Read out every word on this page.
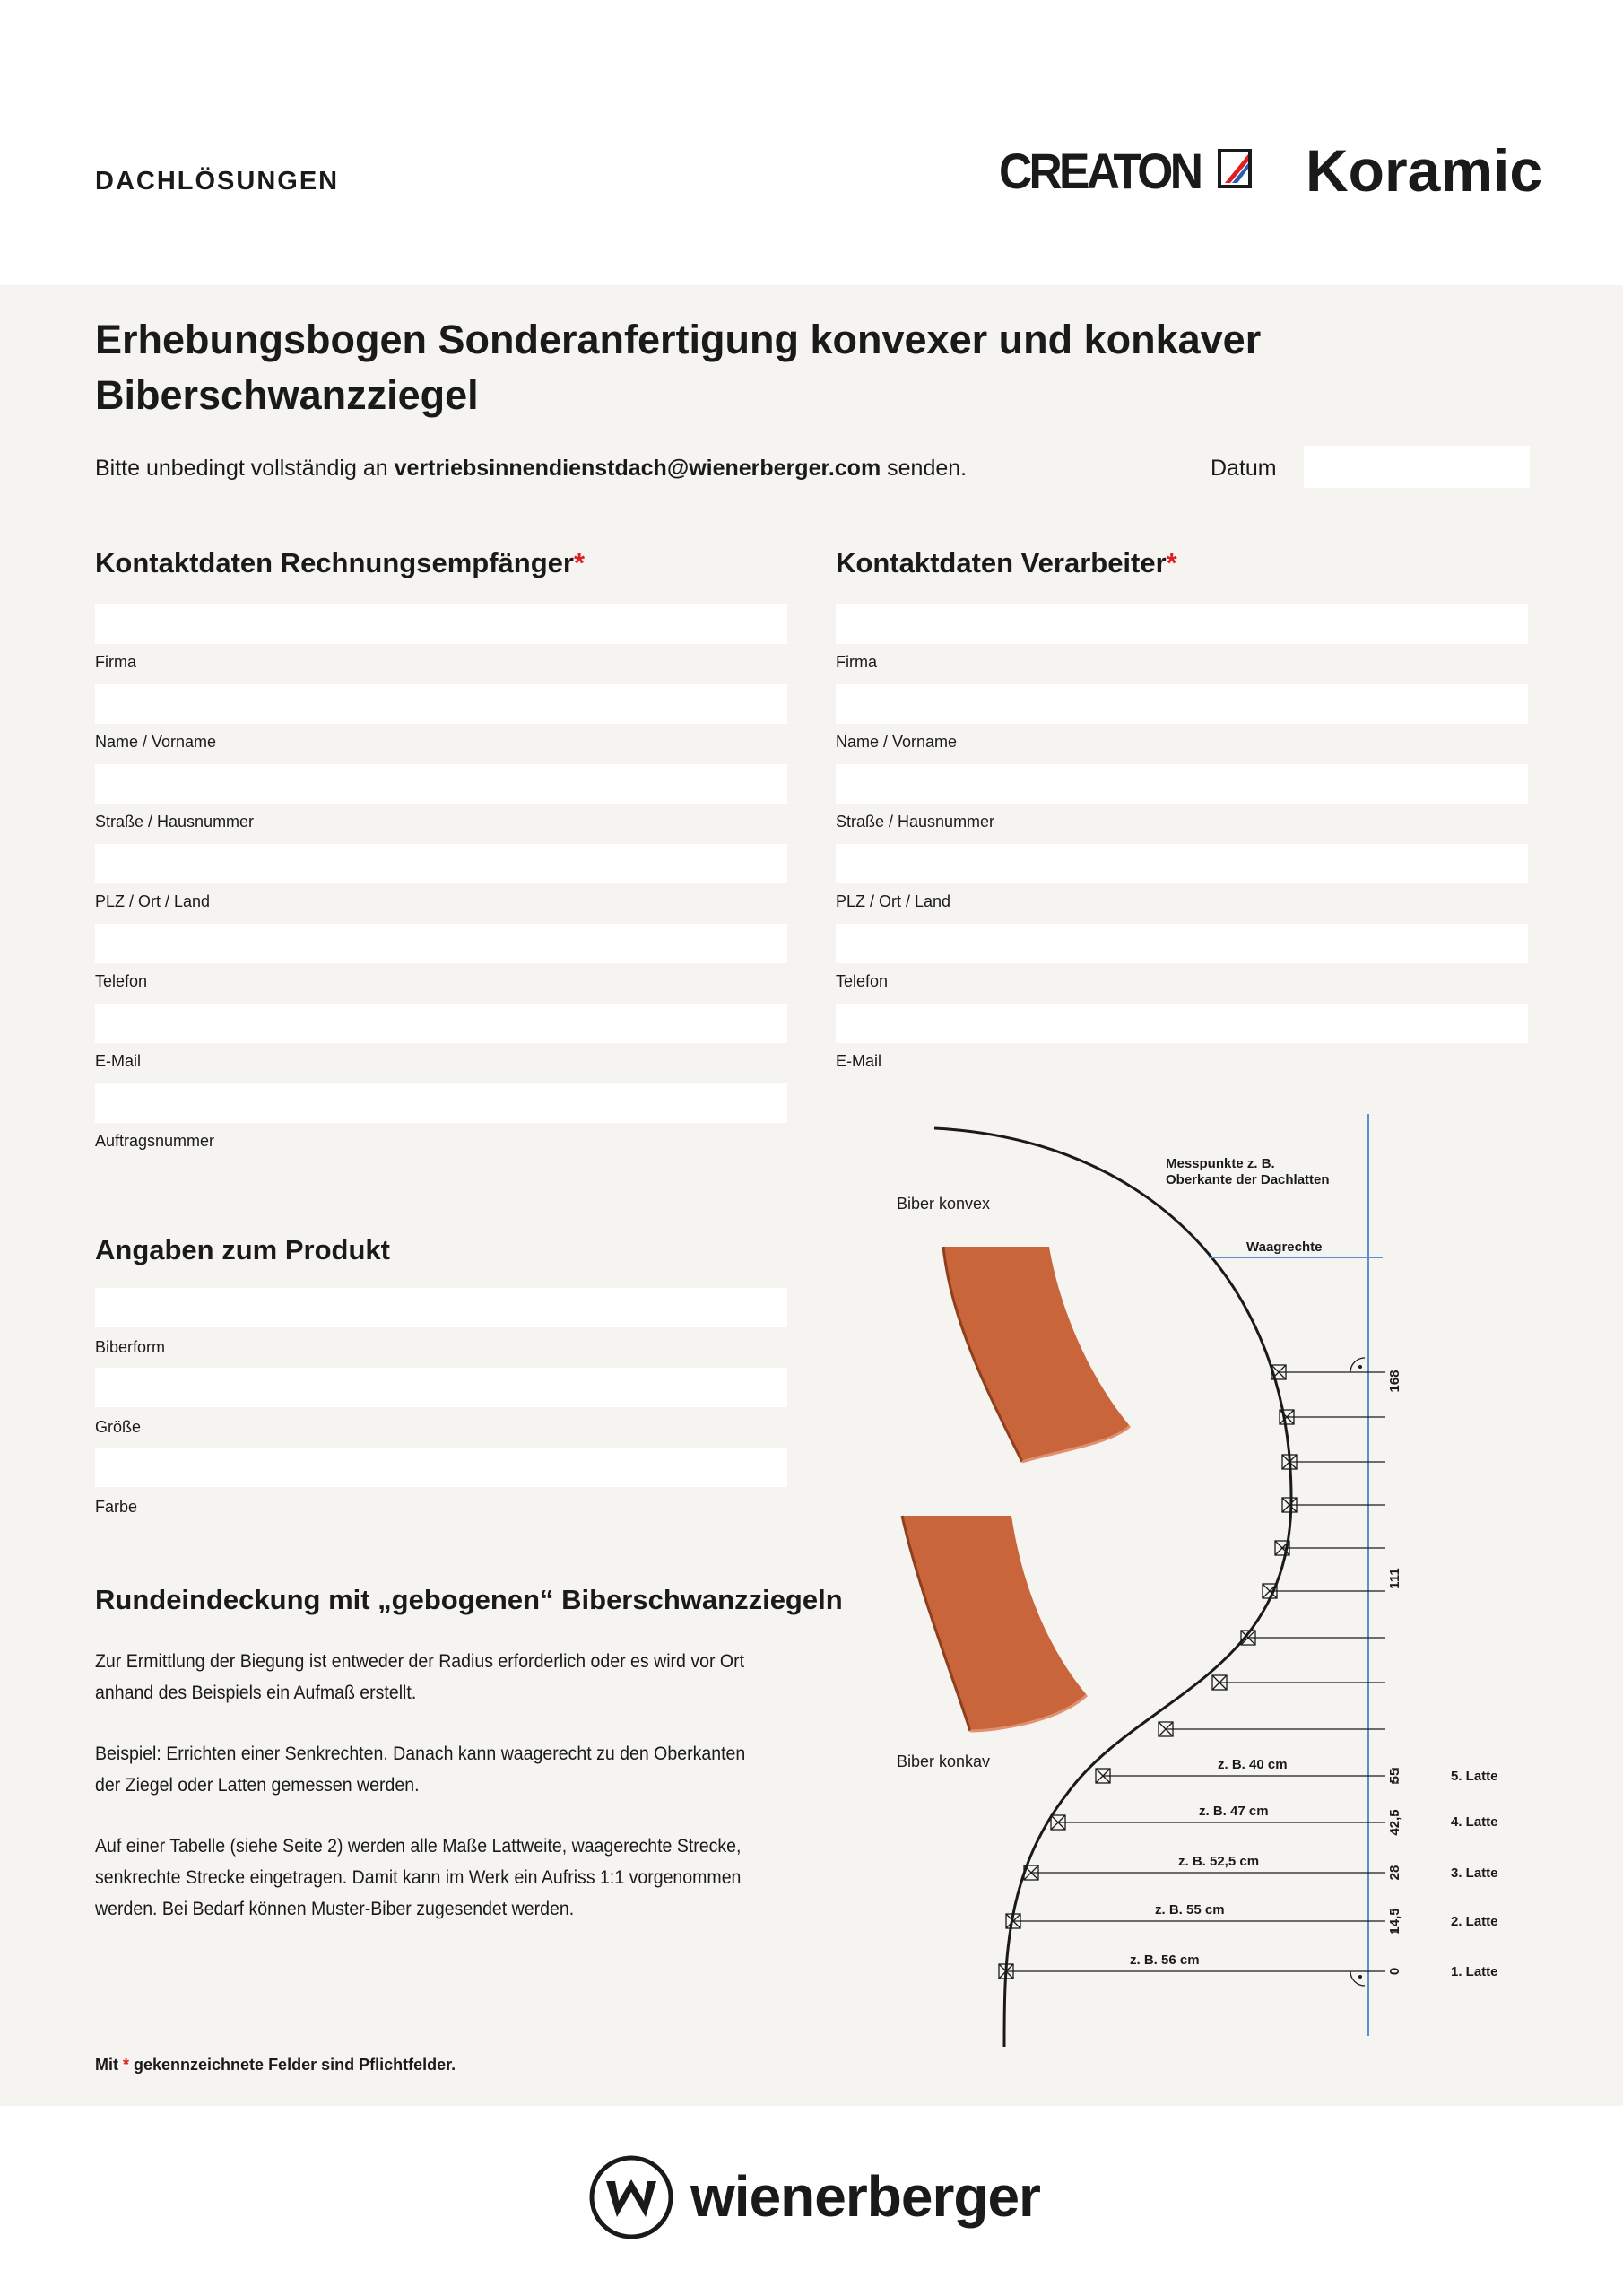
DACHLÖSUNGEN	CREATON Koramic
Erhebungsbogen Sonderanfertigung konvexer und konkaver Biberschwanzziegel
Bitte unbedingt vollständig an vertriebsinnendienstdach@wienerberger.com senden.	Datum
Kontaktdaten Rechnungsempfänger*
Firma
Name / Vorname
Straße / Hausnummer
PLZ / Ort / Land
Telefon
E-Mail
Auftragsnummer
Kontaktdaten Verarbeiter*
Firma
Name / Vorname
Straße / Hausnummer
PLZ / Ort / Land
Telefon
E-Mail
Angaben zum Produkt
Biberform
Größe
Farbe
Rundeindeckung mit „gebogenen“ Biberschwanzziegeln
Zur Ermittlung der Biegung ist entweder der Radius erforderlich oder es wird vor Ort anhand des Beispiels ein Aufmaß erstellt.
Beispiel: Errichten einer Senkrechten. Danach kann waagerecht zu den Oberkanten der Ziegel oder Latten gemessen werden.
Auf einer Tabelle (siehe Seite 2) werden alle Maße Lattweite, waagerechte Strecke, senkrechte Strecke eingetragen. Damit kann im Werk ein Aufriss 1:1 vorgenommen werden. Bei Bedarf können Muster-Biber zugesendet werden.
Mit * gekennzeichnete Felder sind Pflichtfelder.
Biber konvex
Biber konkav
Messpunkte z. B.
Oberkante der Dachlatten
Waagrechte
168
111
55
42,5
28
14,5
0
z. B. 40 cm
z. B. 47 cm
z. B. 52,5 cm
z. B. 55 cm
z. B. 56 cm
5. Latte
4. Latte
3. Latte
2. Latte
1. Latte
wienerberger
